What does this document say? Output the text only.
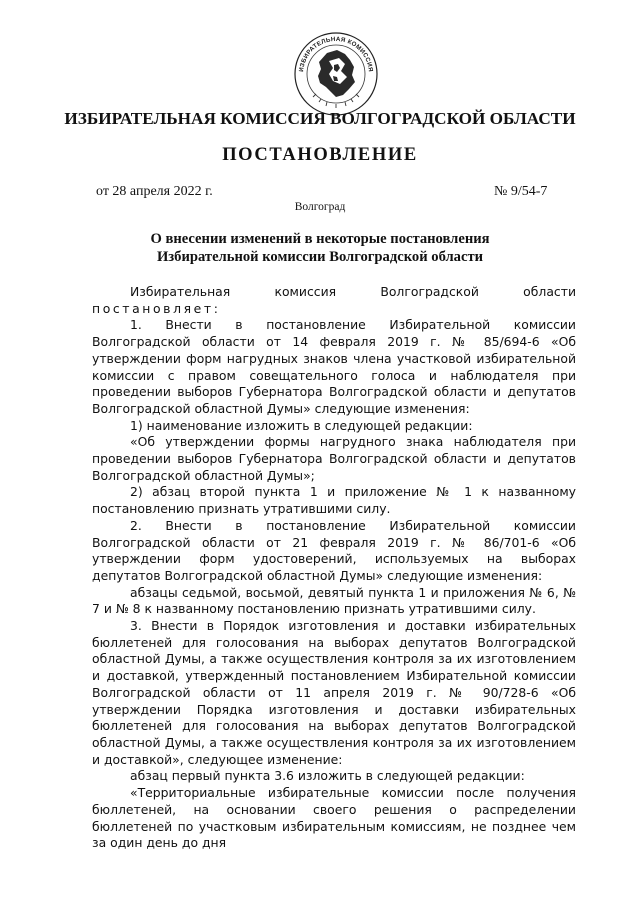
ИЗБИРАТЕЛЬНАЯ КОМИССИЯ
ИЗБИРАТЕЛЬНАЯ КОМИССИЯ ВОЛГОГРАДСКОЙ ОБЛАСТИ
ПОСТАНОВЛЕНИЕ
от 28 апреля 2022 г.	№ 9/54-7
Волгоград
О внесении изменений в некоторые постановления
Избирательной комиссии Волгоградской области

Избирательная комиссия Волгоградской области

постановляет:

1. Внести в постановление Избирательной комиссии Волгоградской области от 14 февраля 2019 г. № 85/694-6 «Об утверждении форм нагрудных знаков члена участковой избирательной комиссии с правом совещательного голоса и наблюдателя при проведении выборов Губернатора Волгоградской области и депутатов Волгоградской областной Думы» следующие изменения:

1) наименование изложить в следующей редакции:

«Об утверждении формы нагрудного знака наблюдателя при проведении выборов Губернатора Волгоградской области и депутатов Волгоградской областной Думы»;

2) абзац второй пункта 1 и приложение № 1 к названному постановлению признать утратившими силу.

2. Внести в постановление Избирательной комиссии Волгоградской области от 21 февраля 2019 г. № 86/701-6 «Об утверждении форм удостоверений, используемых на выборах депутатов Волгоградской областной Думы» следующие изменения:

абзацы седьмой, восьмой, девятый пункта 1 и приложения № 6, № 7 и № 8 к названному постановлению признать утратившими силу.

3. Внести в Порядок изготовления и доставки избирательных бюллетеней для голосования на выборах депутатов Волгоградской областной Думы, а также осуществления контроля за их изготовлением и доставкой, утвержденный постановлением Избирательной комиссии Волгоградской области от 11 апреля 2019 г. № 90/728-6 «Об утверждении Порядка изготовления и доставки избирательных бюллетеней для голосования на выборах депутатов Волгоградской областной Думы, а также осуществления контроля за их изготовлением и доставкой», следующее изменение:

абзац первый пункта 3.6 изложить в следующей редакции:

«Территориальные избирательные комиссии после получения бюллетеней, на основании своего решения о распределении бюллетеней по участковым избирательным комиссиям, не позднее чем за один день до дня
